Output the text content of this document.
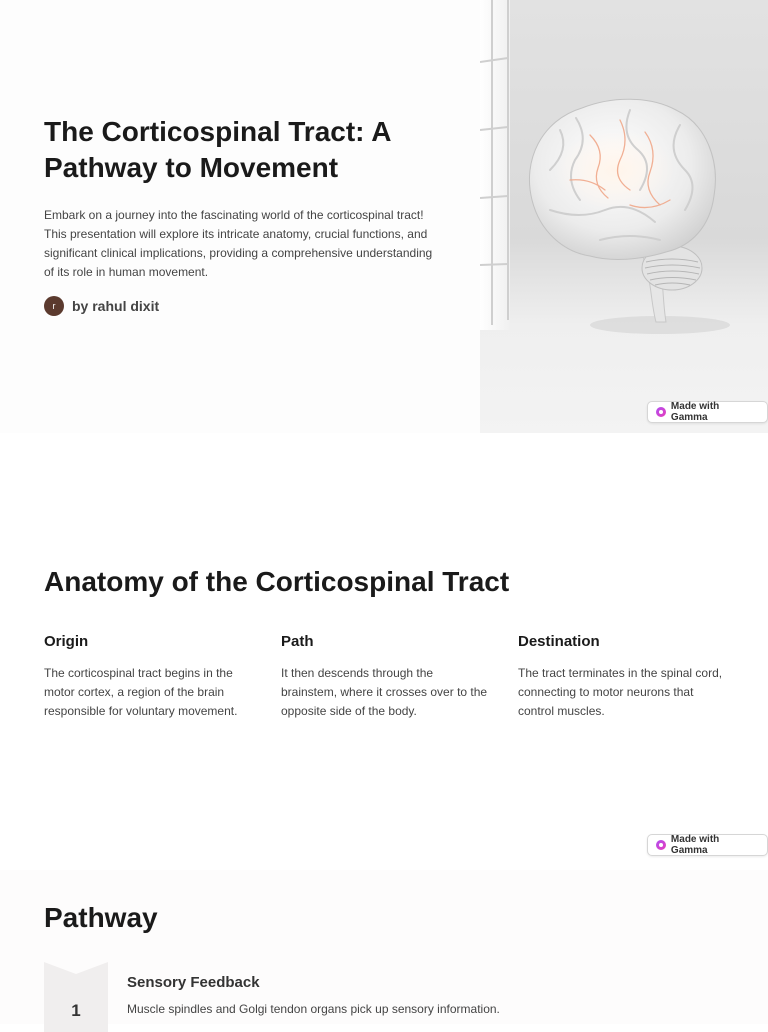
The Corticospinal Tract: A Pathway to Movement

Embark on a journey into the fascinating world of the corticospinal tract! This presentation will explore its intricate anatomy, crucial functions, and significant clinical implications, providing a comprehensive understanding of its role in human movement.

r	by rahul dixit
Made with Gamma
Anatomy of the Corticospinal Tract
Origin

The corticospinal tract begins in the motor cortex, a region of the brain responsible for voluntary movement.

Path

It then descends through the brainstem, where it crosses over to the opposite side of the body.

Destination

The tract terminates in the spinal cord, connecting to motor neurons that control muscles.

Made with Gamma
Pathway
1
Sensory Feedback
Muscle spindles and Golgi tendon organs pick up sensory information.
